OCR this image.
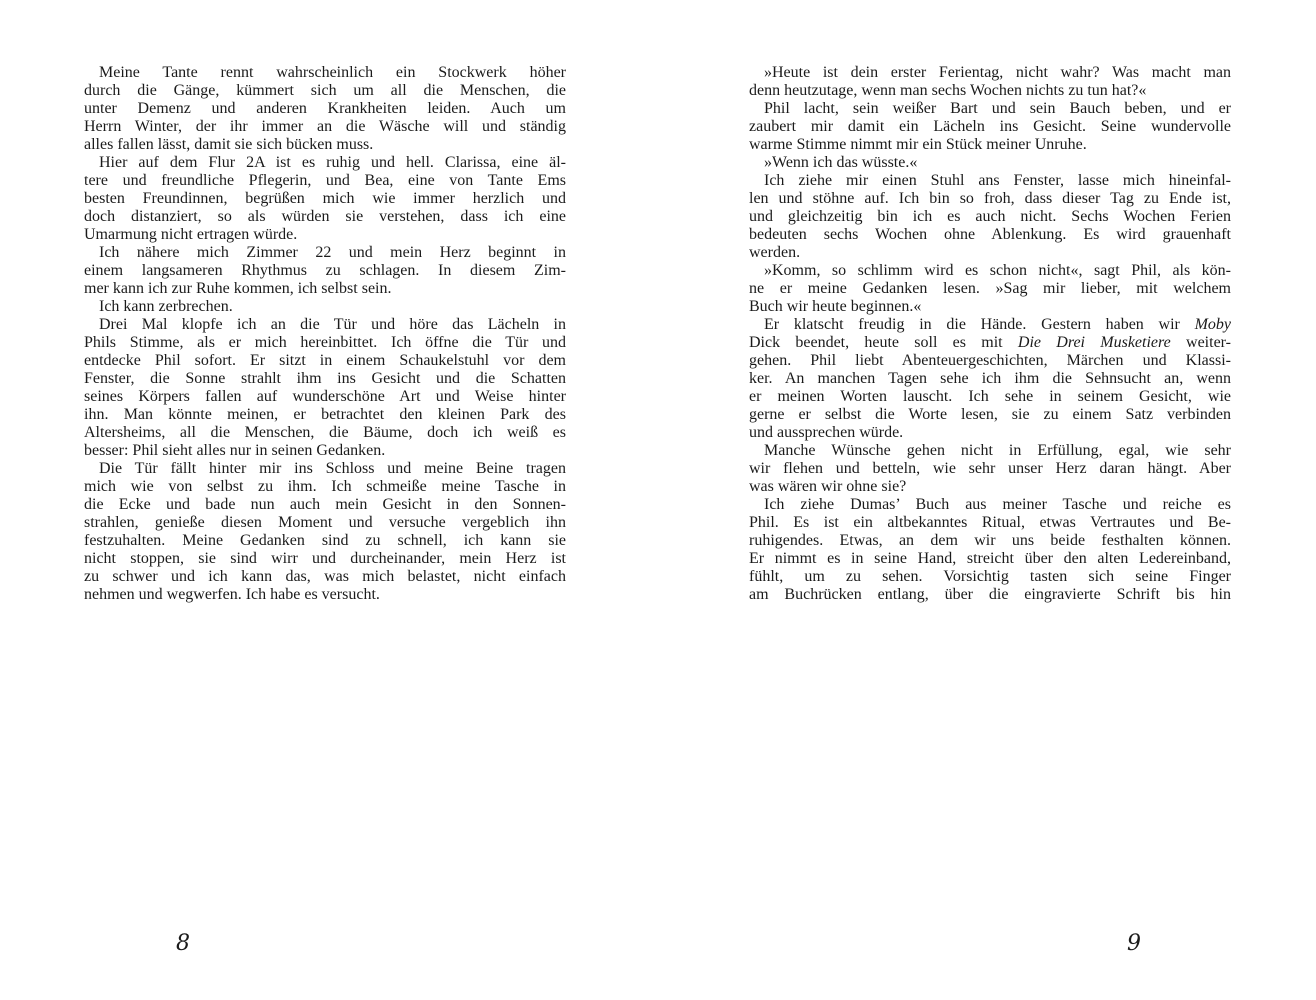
Meine Tante rennt wahrscheinlich ein Stockwerk höher
durch die Gänge, kümmert sich um all die Menschen, die
unter Demenz und anderen Krankheiten leiden. Auch um
Herrn Winter, der ihr immer an die Wäsche will und ständig
alles fallen lässt, damit sie sich bücken muss.
Hier auf dem Flur 2A ist es ruhig und hell. Clarissa, eine äl-
tere und freundliche Pflegerin, und Bea, eine von Tante Ems
besten Freundinnen, begrüßen mich wie immer herzlich und
doch distanziert, so als würden sie verstehen, dass ich eine
Umarmung nicht ertragen würde.
Ich nähere mich Zimmer 22 und mein Herz beginnt in
einem langsameren Rhythmus zu schlagen. In diesem Zim-
mer kann ich zur Ruhe kommen, ich selbst sein.
Ich kann zerbrechen.
Drei Mal klopfe ich an die Tür und höre das Lächeln in
Phils Stimme, als er mich hereinbittet. Ich öffne die Tür und
entdecke Phil sofort. Er sitzt in einem Schaukelstuhl vor dem
Fenster, die Sonne strahlt ihm ins Gesicht und die Schatten
seines Körpers fallen auf wunderschöne Art und Weise hinter
ihn. Man könnte meinen, er betrachtet den kleinen Park des
Altersheims, all die Menschen, die Bäume, doch ich weiß es
besser: Phil sieht alles nur in seinen Gedanken.
Die Tür fällt hinter mir ins Schloss und meine Beine tragen
mich wie von selbst zu ihm. Ich schmeiße meine Tasche in
die Ecke und bade nun auch mein Gesicht in den Sonnen-
strahlen, genieße diesen Moment und versuche vergeblich ihn
festzuhalten. Meine Gedanken sind zu schnell, ich kann sie
nicht stoppen, sie sind wirr und durcheinander, mein Herz ist
zu schwer und ich kann das, was mich belastet, nicht einfach
nehmen und wegwerfen. Ich habe es versucht.
»Heute ist dein erster Ferientag, nicht wahr? Was macht man
denn heutzutage, wenn man sechs Wochen nichts zu tun hat?«
Phil lacht, sein weißer Bart und sein Bauch beben, und er
zaubert mir damit ein Lächeln ins Gesicht. Seine wundervolle
warme Stimme nimmt mir ein Stück meiner Unruhe.
»Wenn ich das wüsste.«
Ich ziehe mir einen Stuhl ans Fenster, lasse mich hineinfal-
len und stöhne auf. Ich bin so froh, dass dieser Tag zu Ende ist,
und gleichzeitig bin ich es auch nicht. Sechs Wochen Ferien
bedeuten sechs Wochen ohne Ablenkung. Es wird grauenhaft
werden.
»Komm, so schlimm wird es schon nicht«, sagt Phil, als kön-
ne er meine Gedanken lesen. »Sag mir lieber, mit welchem
Buch wir heute beginnen.«
Er klatscht freudig in die Hände. Gestern haben wir Moby
Dick beendet, heute soll es mit Die Drei Musketiere weiter-
gehen. Phil liebt Abenteuergeschichten, Märchen und Klassi-
ker. An manchen Tagen sehe ich ihm die Sehnsucht an, wenn
er meinen Worten lauscht. Ich sehe in seinem Gesicht, wie
gerne er selbst die Worte lesen, sie zu einem Satz verbinden
und aussprechen würde.
Manche Wünsche gehen nicht in Erfüllung, egal, wie sehr
wir flehen und betteln, wie sehr unser Herz daran hängt. Aber
was wären wir ohne sie?
Ich ziehe Dumas’ Buch aus meiner Tasche und reiche es
Phil. Es ist ein altbekanntes Ritual, etwas Vertrautes und Be-
ruhigendes. Etwas, an dem wir uns beide festhalten können.
Er nimmt es in seine Hand, streicht über den alten Ledereinband,
fühlt, um zu sehen. Vorsichtig tasten sich seine Finger
am Buchrücken entlang, über die eingravierte Schrift bis hin
8	9
